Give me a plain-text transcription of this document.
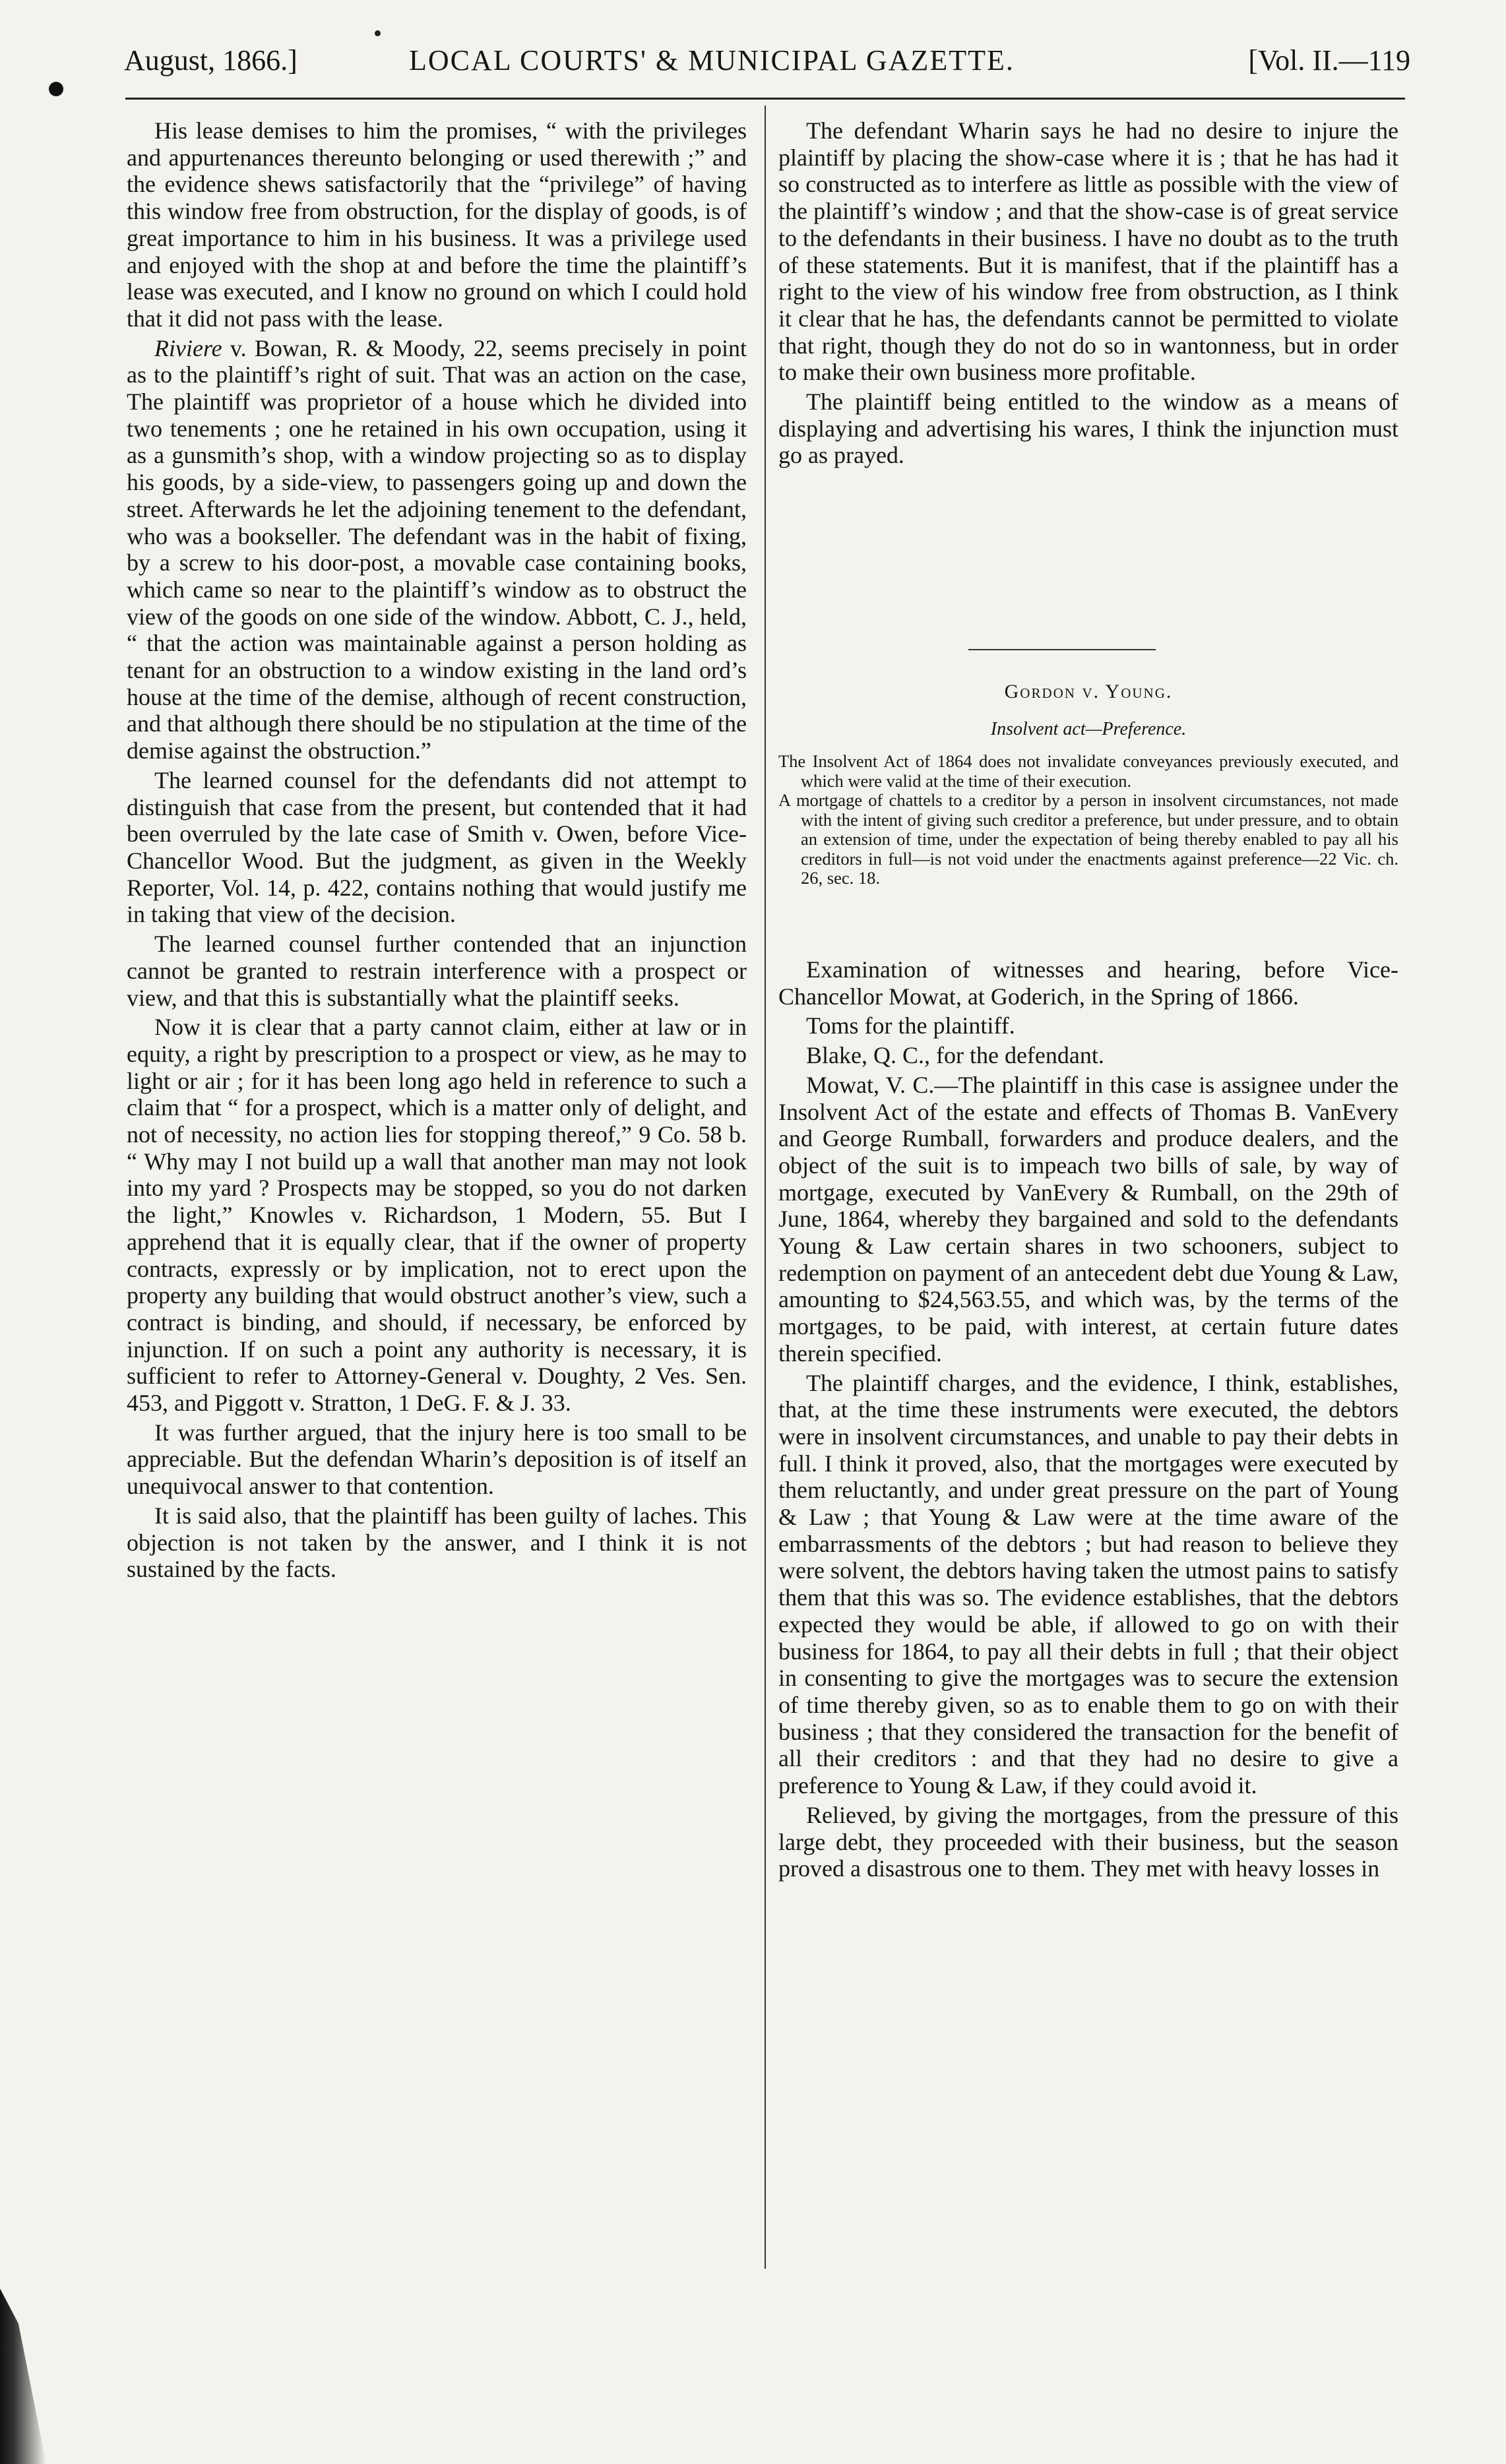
August, 1866.]	LOCAL COURTS' & MUNICIPAL GAZETTE.	[Vol. II.—119

His lease demises to him the promises, “ with the privileges and appurtenances thereunto belonging or used therewith ;” and the evidence shews satisfactorily that the “privilege” of having this window free from obstruction, for the display of goods, is of great importance to him in his business. It was a privilege used and enjoyed with the shop at and before the time the plaintiff’s lease was executed, and I know no ground on which I could hold that it did not pass with the lease.

Riviere v. Bowan, R. & Moody, 22, seems precisely in point as to the plaintiff’s right of suit. That was an action on the case, The plaintiff was proprietor of a house which he divided into two tenements ; one he retained in his own occupation, using it as a gunsmith’s shop, with a window projecting so as to display his goods, by a side-view, to passengers going up and down the street. Afterwards he let the adjoining tenement to the defendant, who was a bookseller. The defendant was in the habit of fixing, by a screw to his door-post, a movable case containing books, which came so near to the plaintiff’s window as to obstruct the view of the goods on one side of the window. Abbott, C. J., held, “ that the action was maintainable against a person holding as tenant for an obstruction to a window existing in the land ord’s house at the time of the demise, although of recent construction, and that although there should be no stipulation at the time of the demise against the obstruction.”

The learned counsel for the defendants did not attempt to distinguish that case from the present, but contended that it had been overruled by the late case of Smith v. Owen, before Vice-Chancellor Wood. But the judgment, as given in the Weekly Reporter, Vol. 14, p. 422, contains nothing that would justify me in taking that view of the decision.

The learned counsel further contended that an injunction cannot be granted to restrain interference with a prospect or view, and that this is substantially what the plaintiff seeks.

Now it is clear that a party cannot claim, either at law or in equity, a right by prescription to a prospect or view, as he may to light or air ; for it has been long ago held in reference to such a claim that “ for a prospect, which is a matter only of delight, and not of necessity, no action lies for stopping thereof,” 9 Co. 58 b. “ Why may I not build up a wall that another man may not look into my yard ? Prospects may be stopped, so you do not darken the light,” Knowles v. Richardson, 1 Modern, 55. But I apprehend that it is equally clear, that if the owner of property contracts, expressly or by implication, not to erect upon the property any building that would obstruct another’s view, such a contract is binding, and should, if necessary, be enforced by injunction. If on such a point any authority is necessary, it is sufficient to refer to Attorney-General v. Doughty, 2 Ves. Sen. 453, and Piggott v. Stratton, 1 DeG. F. & J. 33.

It was further argued, that the injury here is too small to be appreciable. But the defendan Wharin’s deposition is of itself an unequivocal answer to that contention.

It is said also, that the plaintiff has been guilty of laches. This objection is not taken by the answer, and I think it is not sustained by the facts.

The defendant Wharin says he had no desire to injure the plaintiff by placing the show-case where it is ; that he has had it so constructed as to interfere as little as possible with the view of the plaintiff’s window ; and that the show-case is of great service to the defendants in their business. I have no doubt as to the truth of these statements. But it is manifest, that if the plaintiff has a right to the view of his window free from obstruction, as I think it clear that he has, the defendants cannot be permitted to violate that right, though they do not do so in wantonness, but in order to make their own business more profitable.

The plaintiff being entitled to the window as a means of displaying and advertising his wares, I think the injunction must go as prayed.

Gordon v. Young.
Insolvent act—Preference.

The Insolvent Act of 1864 does not invalidate conveyances previously executed, and which were valid at the time of their execution.

A mortgage of chattels to a creditor by a person in insolvent circumstances, not made with the intent of giving such creditor a preference, but under pressure, and to obtain an extension of time, under the expectation of being thereby enabled to pay all his creditors in full—is not void under the enactments against preference—22 Vic. ch. 26, sec. 18.

Examination of witnesses and hearing, before Vice-Chancellor Mowat, at Goderich, in the Spring of 1866.

Toms for the plaintiff.

Blake, Q. C., for the defendant.

Mowat, V. C.—The plaintiff in this case is assignee under the Insolvent Act of the estate and effects of Thomas B. VanEvery and George Rumball, forwarders and produce dealers, and the object of the suit is to impeach two bills of sale, by way of mortgage, executed by VanEvery & Rumball, on the 29th of June, 1864, whereby they bargained and sold to the defendants Young & Law certain shares in two schooners, subject to redemption on payment of an antecedent debt due Young & Law, amounting to $24,563.55, and which was, by the terms of the mortgages, to be paid, with interest, at certain future dates therein specified.

The plaintiff charges, and the evidence, I think, establishes, that, at the time these instruments were executed, the debtors were in insolvent circumstances, and unable to pay their debts in full. I think it proved, also, that the mortgages were executed by them reluctantly, and under great pressure on the part of Young & Law ; that Young & Law were at the time aware of the embarrassments of the debtors ; but had reason to believe they were solvent, the debtors having taken the utmost pains to satisfy them that this was so. The evidence establishes, that the debtors expected they would be able, if allowed to go on with their business for 1864, to pay all their debts in full ; that their object in consenting to give the mortgages was to secure the extension of time thereby given, so as to enable them to go on with their business ; that they considered the transaction for the benefit of all their creditors : and that they had no desire to give a preference to Young & Law, if they could avoid it.

Relieved, by giving the mortgages, from the pressure of this large debt, they proceeded with their business, but the season proved a disastrous one to them. They met with heavy losses in
